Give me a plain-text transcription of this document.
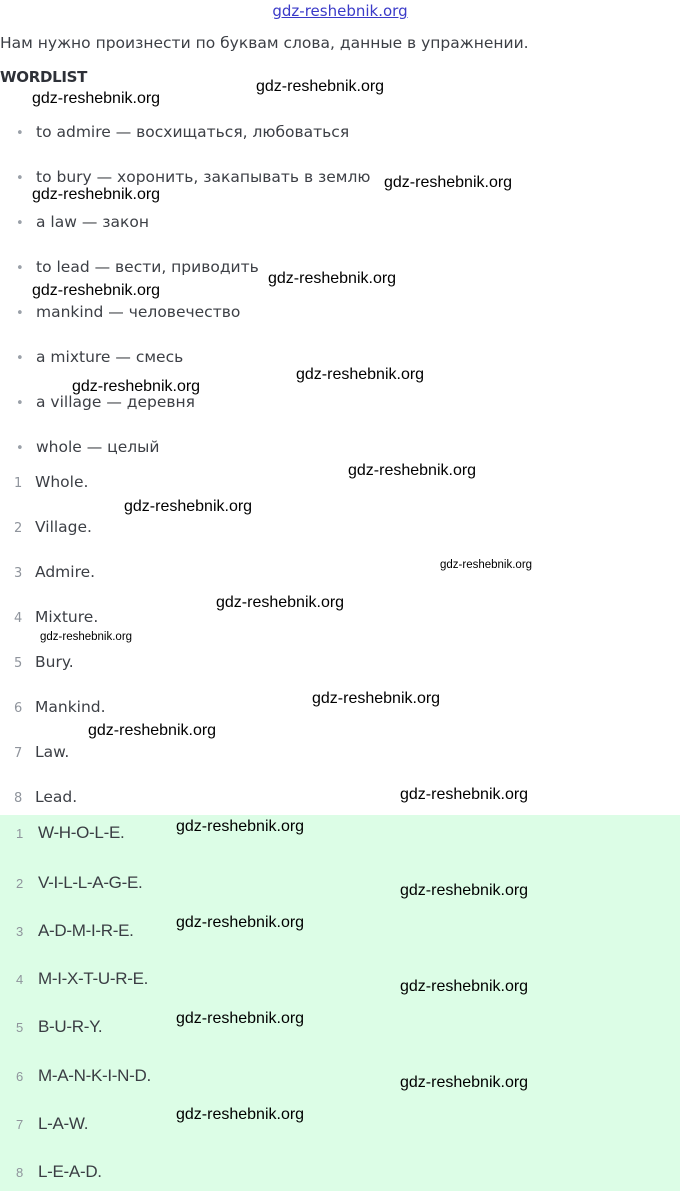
gdz-reshebnik.org
Нам нужно произнести по буквам слова, данные в упражнении.
WORDLIST
• to admire — восхищаться, любоваться
• to bury — хоронить, закапывать в землю
• a law — закон
• to lead — вести, приводить
• mankind — человечество
• a mixture — смесь
• a village — деревня
• whole — целый
1 Whole.
2 Village.
3 Admire.
4 Mixture.
5 Bury.
6 Mankind.
7 Law.
8 Lead.
1 W-H-O-L-E.
2 V-I-L-L-A-G-E.
3 A-D-M-I-R-E.
4 M-I-X-T-U-R-E.
5 B-U-R-Y.
6 M-A-N-K-I-N-D.
7 L-A-W.
8 L-E-A-D.
gdz-reshebnik.org
gdz-reshebnik.org
gdz-reshebnik.org
gdz-reshebnik.org
gdz-reshebnik.org
gdz-reshebnik.org
gdz-reshebnik.org
gdz-reshebnik.org
gdz-reshebnik.org
gdz-reshebnik.org
gdz-reshebnik.org
gdz-reshebnik.org
gdz-reshebnik.org
gdz-reshebnik.org
gdz-reshebnik.org
gdz-reshebnik.org
gdz-reshebnik.org
gdz-reshebnik.org
gdz-reshebnik.org
gdz-reshebnik.org
gdz-reshebnik.org
gdz-reshebnik.org
gdz-reshebnik.org
